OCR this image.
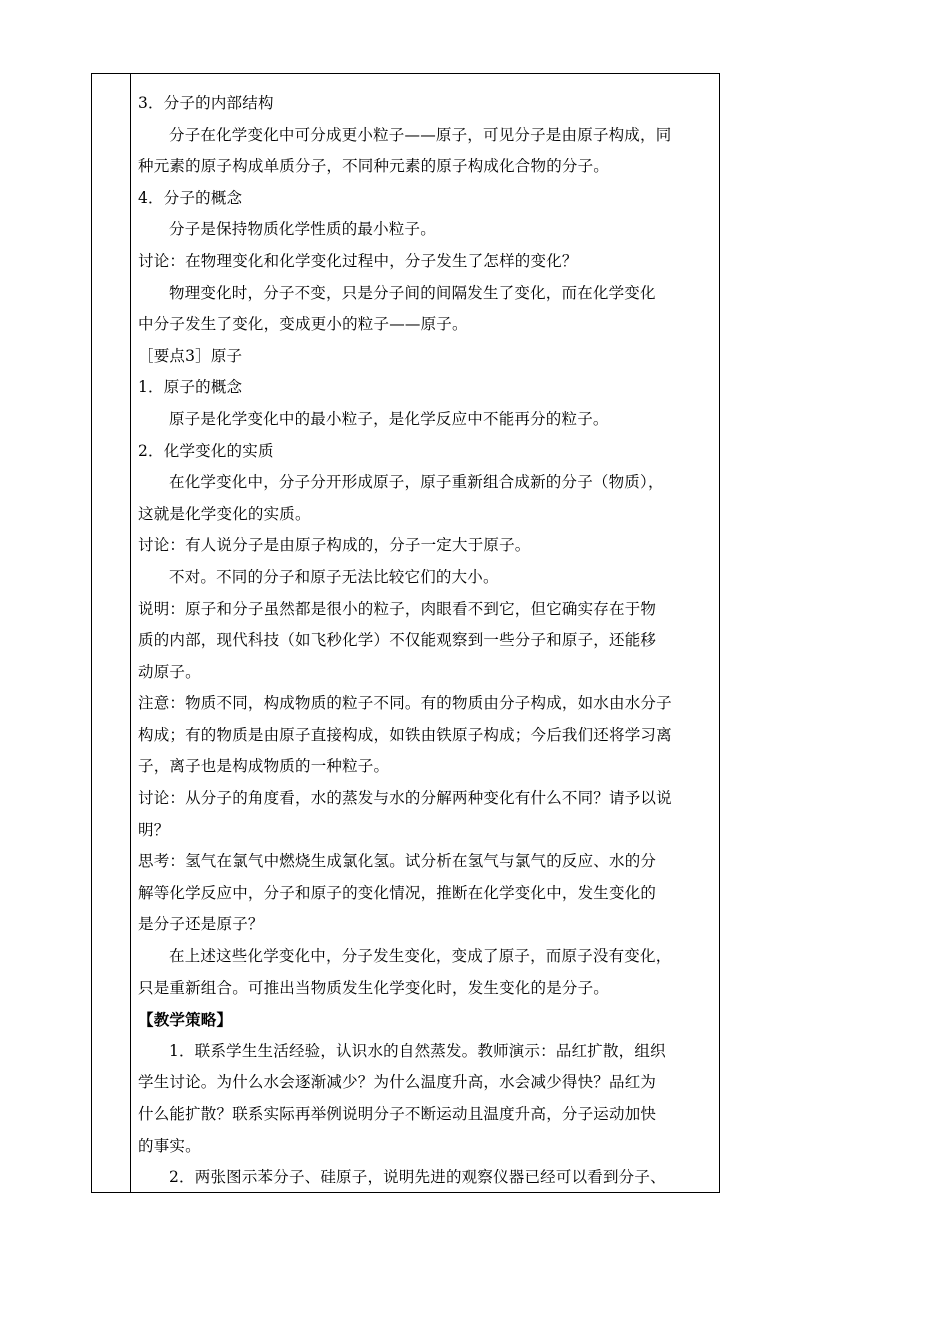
3．分子的内部结构
分子在化学变化中可分成更小粒子——原子，可见分子是由原子构成，同
种元素的原子构成单质分子，不同种元素的原子构成化合物的分子。
4．分子的概念
分子是保持物质化学性质的最小粒子。
讨论：在物理变化和化学变化过程中，分子发生了怎样的变化？
物理变化时，分子不变，只是分子间的间隔发生了变化，而在化学变化
中分子发生了变化，变成更小的粒子——原子。
［要点3］原子
1．原子的概念
原子是化学变化中的最小粒子，是化学反应中不能再分的粒子。
2．化学变化的实质
在化学变化中，分子分开形成原子，原子重新组合成新的分子（物质），
这就是化学变化的实质。
讨论：有人说分子是由原子构成的，分子一定大于原子。
不对。不同的分子和原子无法比较它们的大小。
说明：原子和分子虽然都是很小的粒子，肉眼看不到它，但它确实存在于物
质的内部，现代科技（如飞秒化学）不仅能观察到一些分子和原子，还能移
动原子。
注意：物质不同，构成物质的粒子不同。有的物质由分子构成，如水由水分子
构成；有的物质是由原子直接构成，如铁由铁原子构成；今后我们还将学习离
子，离子也是构成物质的一种粒子。
讨论：从分子的角度看，水的蒸发与水的分解两种变化有什么不同？请予以说
明？
思考：氢气在氯气中燃烧生成氯化氢。试分析在氢气与氯气的反应、水的分
解等化学反应中，分子和原子的变化情况，推断在化学变化中，发生变化的
是分子还是原子？
在上述这些化学变化中，分子发生变化，变成了原子，而原子没有变化，
只是重新组合。可推出当物质发生化学变化时，发生变化的是分子。
【教学策略】
1．联系学生生活经验，认识水的自然蒸发。教师演示：品红扩散，组织
学生讨论。为什么水会逐渐减少？为什么温度升高，水会减少得快？品红为
什么能扩散？联系实际再举例说明分子不断运动且温度升高，分子运动加快
的事实。
2．两张图示苯分子、硅原子，说明先进的观察仪器已经可以看到分子、
